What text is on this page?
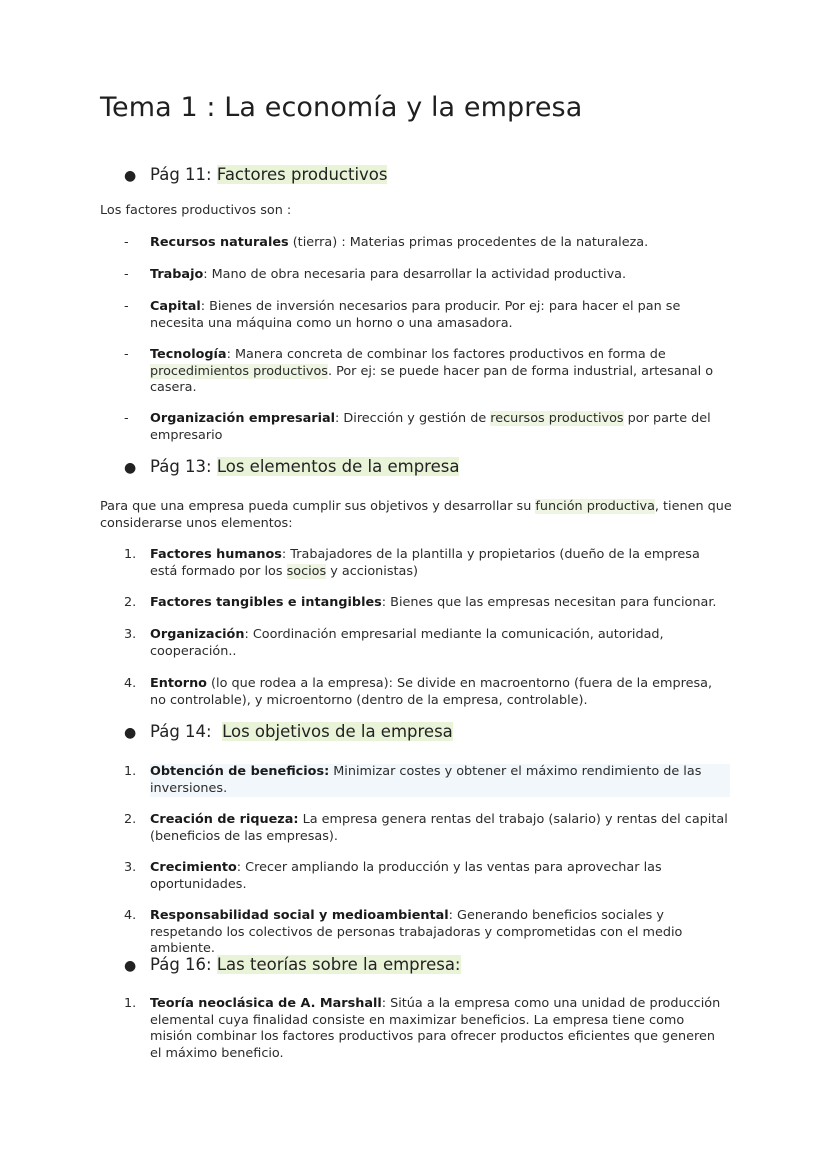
Tema 1 : La economía y la empresa
● Pág 11: Factores productivos

Los factores productivos son :

-	Recursos naturales (tierra) : Materias primas procedentes de la naturaleza.
-	Trabajo: Mano de obra necesaria para desarrollar la actividad productiva.
-	Capital: Bienes de inversión necesarios para producir. Por ej: para hacer el pan se necesita una máquina como un horno o una amasadora.
-	Tecnología: Manera concreta de combinar los factores productivos en forma de procedimientos productivos. Por ej: se puede hacer pan de forma industrial, artesanal o casera.
-	Organización empresarial: Dirección y gestión de recursos productivos por parte del empresario
● Pág 13: Los elementos de la empresa

Para que una empresa pueda cumplir sus objetivos y desarrollar su función productiva, tienen que considerarse unos elementos:

1.	Factores humanos: Trabajadores de la plantilla y propietarios (dueño de la empresa está formado por los socios y accionistas)
2.	Factores tangibles e intangibles: Bienes que las empresas necesitan para funcionar.
3.	Organización: Coordinación empresarial mediante la comunicación, autoridad, cooperación..
4.	Entorno (lo que rodea a la empresa): Se divide en macroentorno (fuera de la empresa, no controlable), y microentorno (dentro de la empresa, controlable).
● Pág 14: Los objetivos de la empresa
1.	Obtención de beneficios: Minimizar costes y obtener el máximo rendimiento de las inversiones.
2.	Creación de riqueza: La empresa genera rentas del trabajo (salario) y rentas del capital (beneficios de las empresas).
3.	Crecimiento: Crecer ampliando la producción y las ventas para aprovechar las oportunidades.
4.	Responsabilidad social y medioambiental: Generando beneficios sociales y respetando los colectivos de personas trabajadoras y comprometidas con el medio ambiente.
● Pág 16: Las teorías sobre la empresa:
1.	Teoría neoclásica de A. Marshall: Sitúa a la empresa como una unidad de producción elemental cuya finalidad consiste en maximizar beneficios. La empresa tiene como misión combinar los factores productivos para ofrecer productos eficientes que generen el máximo beneficio.
